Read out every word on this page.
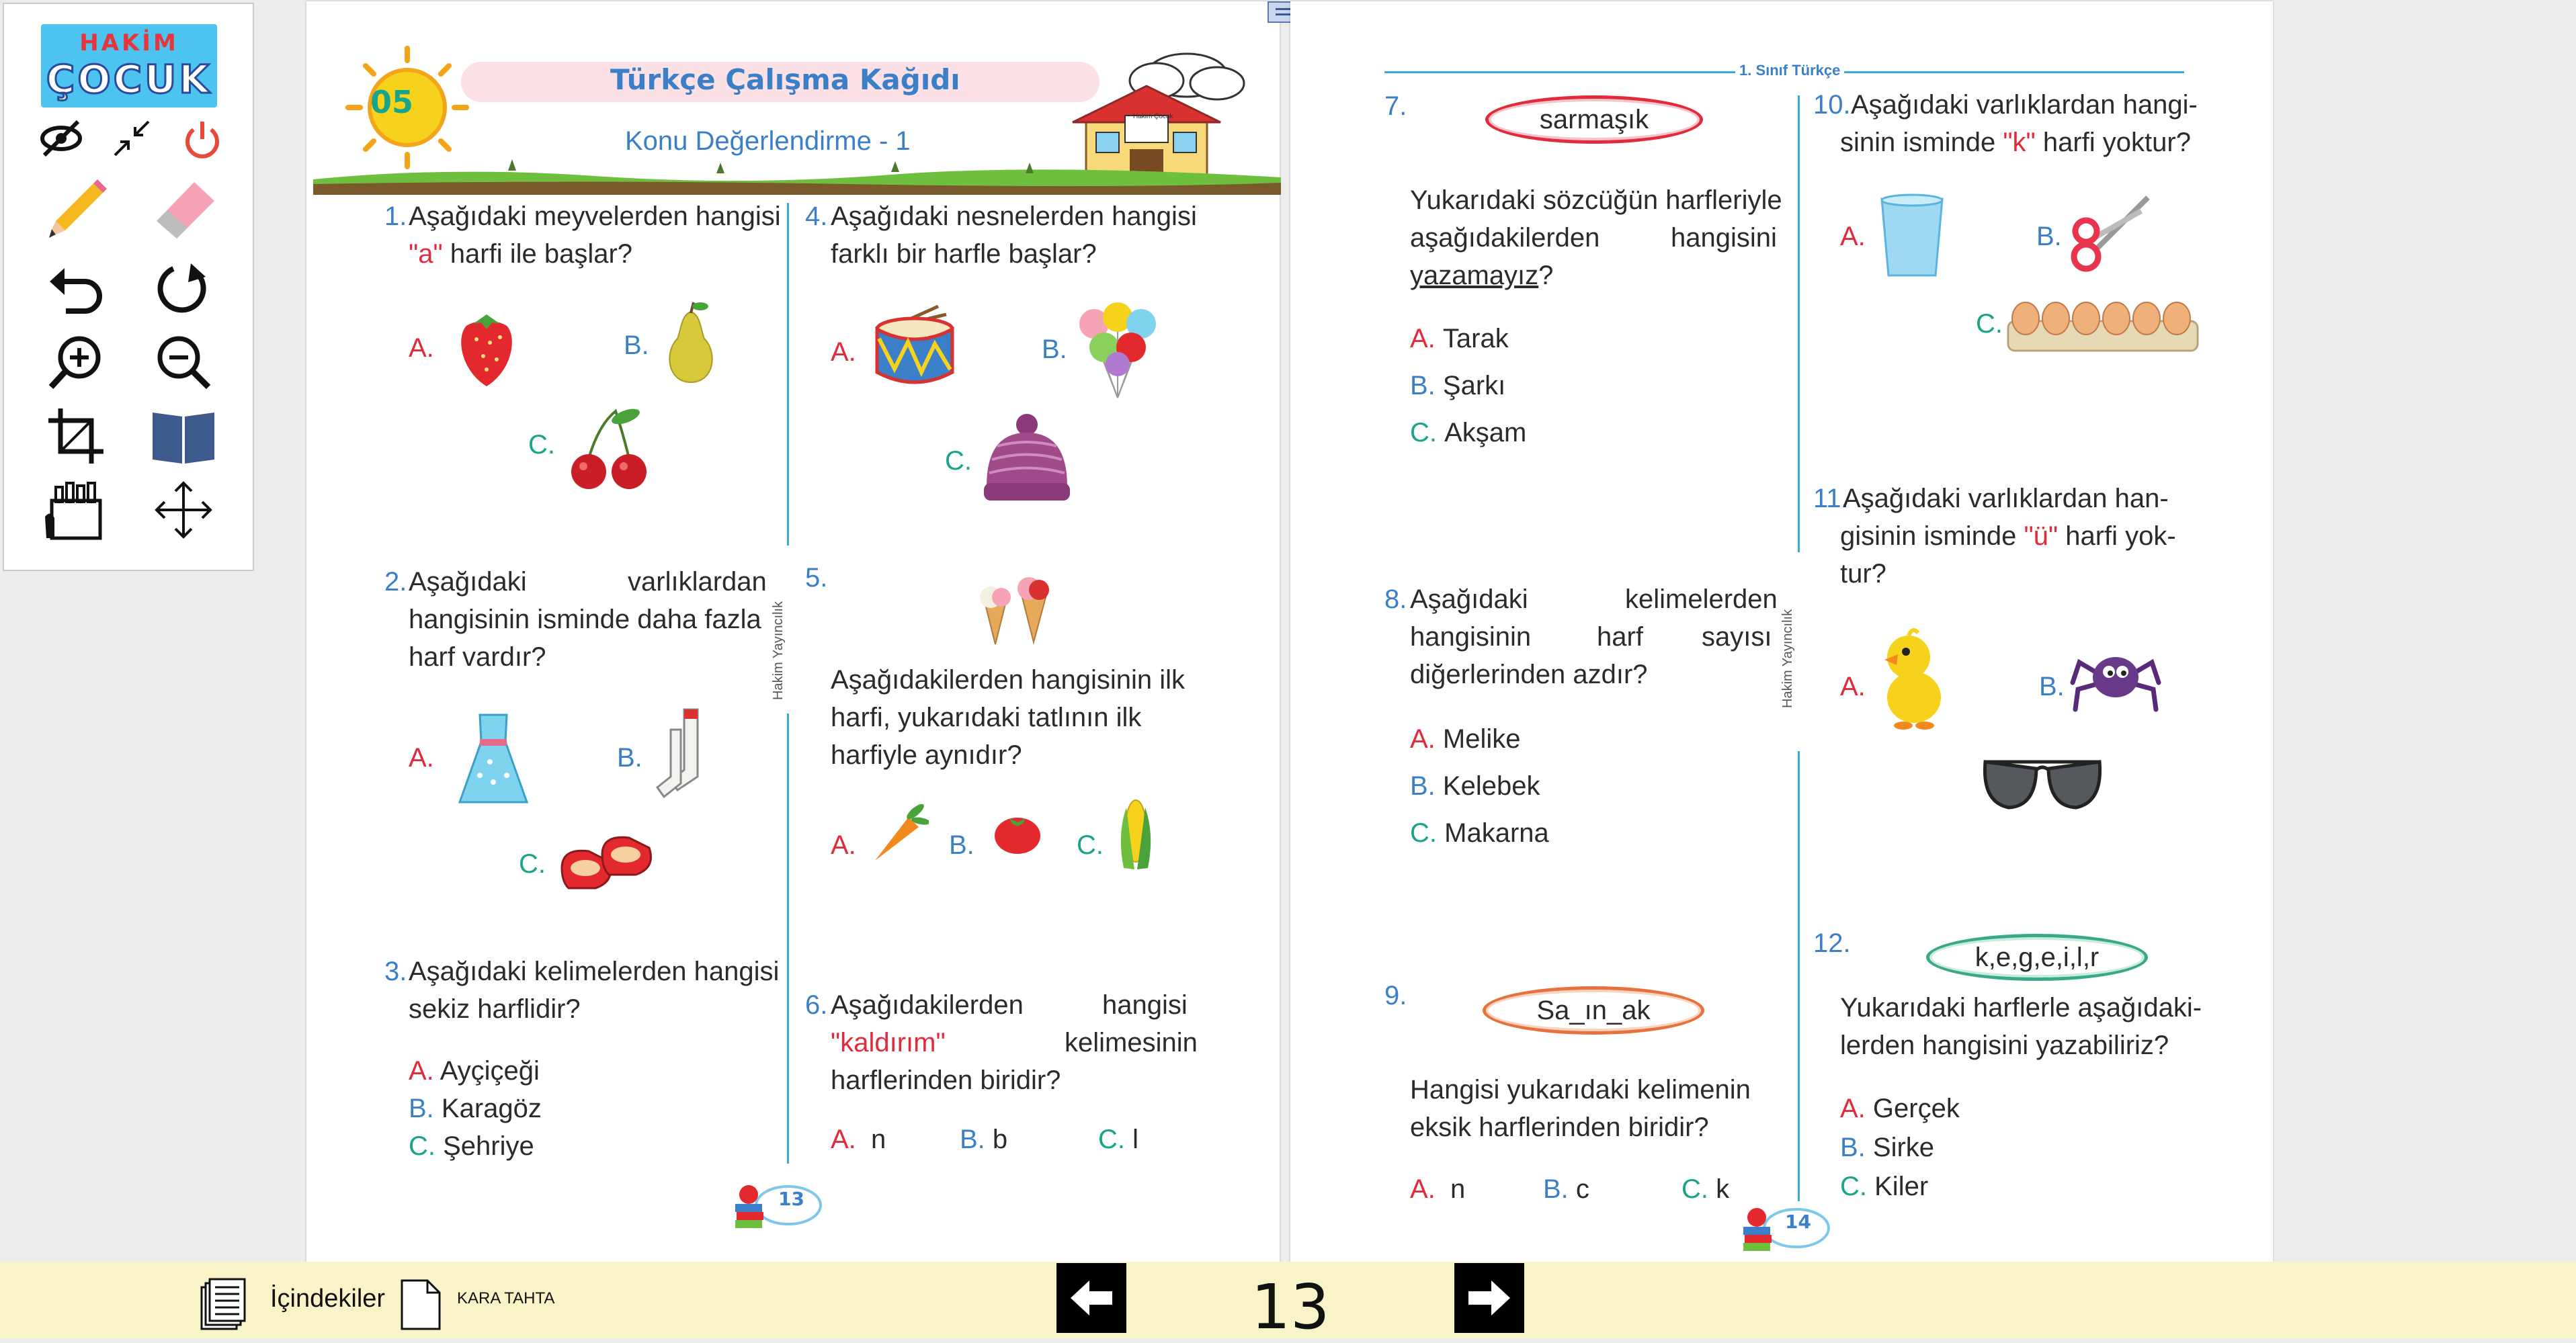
HAKİM
ÇOCUK	05
Türkçe Çalışma Kağıdı
Konu Değerlendirme - 1
Hakim Çocuk
Hakim Yayıncılık
1. Aşağıdaki meyvelerden hangisi
"a" harfi ile başlar?
A.	B.
C.
2. Aşağıdaki	varlıklardan
hangisinin isminde daha fazla
harf vardır?
A.	B.
C.
3. Aşağıdaki kelimelerden hangisi
sekiz harflidir?
A. Ayçiçeği
B. Karagöz
C. Şehriye
4. Aşağıdaki nesnelerden hangisi
farklı bir harfle başlar?
A.	B.
C.
5.
Aşağıdakilerden hangisinin ilk
harfi, yukarıdaki tatlının ilk
harfiyle aynıdır?
A.	B.	C.
6. Aşağıdakilerden	hangisi
"kaldırım"	kelimesinin
harflerinden biridir?
A. n	B. b	C. l
13
1. Sınıf Türkçe
Hakim Yayıncılık
7.	sarmaşık
Yukarıdaki sözcüğün harfleriyle
aşağıdakilerden	hangisini
yazamayız?
A. Tarak
B. Şarkı
C. Akşam
8. Aşağıdaki	kelimelerden
hangisinin harf sayısı
diğerlerinden azdır?
A. Melike
B. Kelebek
C. Makarna
9.	Sa_ın_ak
Hangisi yukarıdaki kelimenin
eksik harflerinden biridir?
A. n	B. c	C. k
10. Aşağıdaki varlıklardan hangi-
sinin isminde "k" harfi yoktur?
A.	B.
C.
11.
Aşağıdaki varlıklardan han-
gisinin isminde "ü" harfi yok-
tur?
A.	B.
12.	k,e,g,e,i,l,r
Yukarıdaki harflerle aşağıdaki-
lerden hangisini yazabiliriz?
A. Gerçek
B. Sirke
C. Kiler
14
İçindekiler	KARA TAHTA	13
